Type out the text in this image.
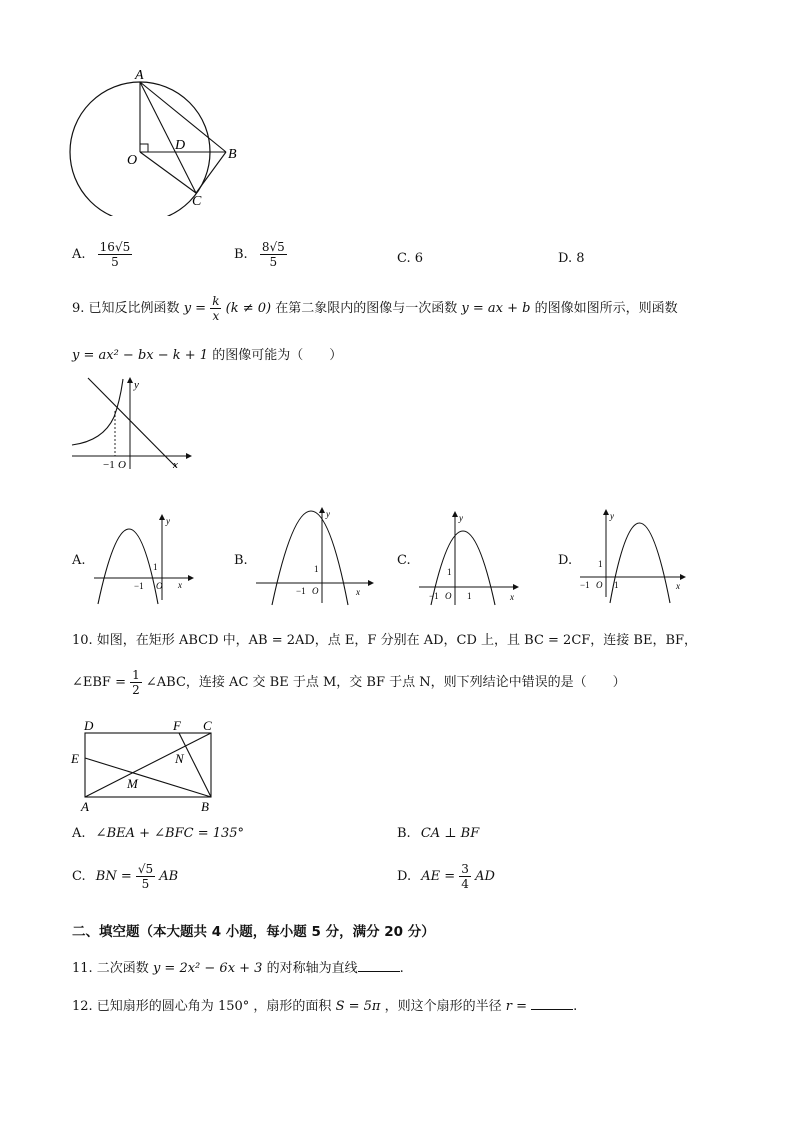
A
O
D
B
C
A. $\frac{16√5}{5}$	B. $\frac{8√5}{5}$	C. 6	D. 8
9. 已知反比例函数 $y = \frac{k}{x} (k \ne 0)$ 在第二象限内的图像与一次函数 y = ax + b 的图像如图所示，则函数
y = ax² − bx − k + 1 的图像可能为（　　）
y
x
−1 O
A.
y
x
1
−1 O
B.
y
x
1
−1 O
C.
y
x
1
−1 O 1
D.
y
x
1
−1 O 1
10. 如图，在矩形 ABCD 中，AB = 2AD，点 E，F 分别在 AD，CD 上，且 BC = 2CF，连接 BE，BF，
∠EBF = $\frac{1}{2}$ ∠ABC，连接 AC 交 BE 于点 M，交 BF 于点 N，则下列结论中错误的是（　　）
D	F C
E	N
M
A	B
A. ∠BEA + ∠BFC = 135°	B. CA ⊥ BF
C. BN = $\frac{√5}{5}$ AB	D. AE = $\frac{3}{4}$ AD
二、填空题（本大题共 4 小题，每小题 5 分，满分 20 分）
11. 二次函数 y = 2x² − 6x + 3 的对称轴为直线	.
12. 已知扇形的圆心角为 150° ，扇形的面积 S = 5π ，则这个扇形的半径 r =	.
